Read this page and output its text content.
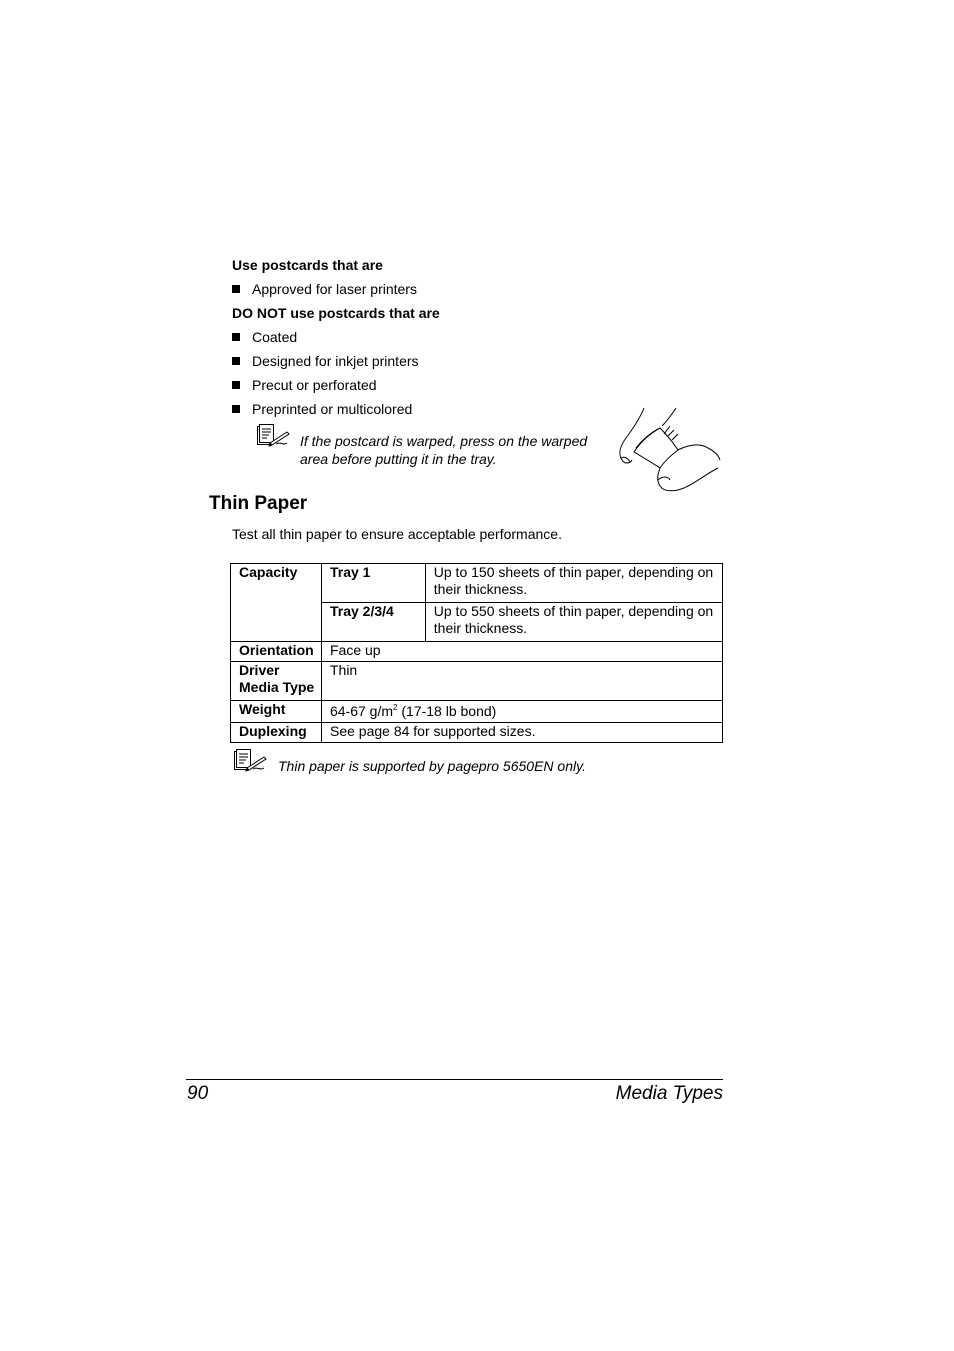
Use postcards that are
Approved for laser printers
DO NOT use postcards that are
Coated
Designed for inkjet printers
Precut or perforated
Preprinted or multicolored
If the postcard is warped, press on the warped
area before putting it in the tray.
Thin Paper
Test all thin paper to ensure acceptable performance.
Capacity	Tray 1	Up to 150 sheets of thin paper, depending on
their thickness.

	Tray 2/3/4	Up to 550 sheets of thin paper, depending on
their thickness.

Orientation	Face up	

Driver
Media Type	Thin	
Weight	64-67 $g/m^2$ (17-18 lb bond)	
Duplexing	See page 84 for supported sizes.	
Thin paper is supported by pagepro 5650EN only.
90	Media Types
